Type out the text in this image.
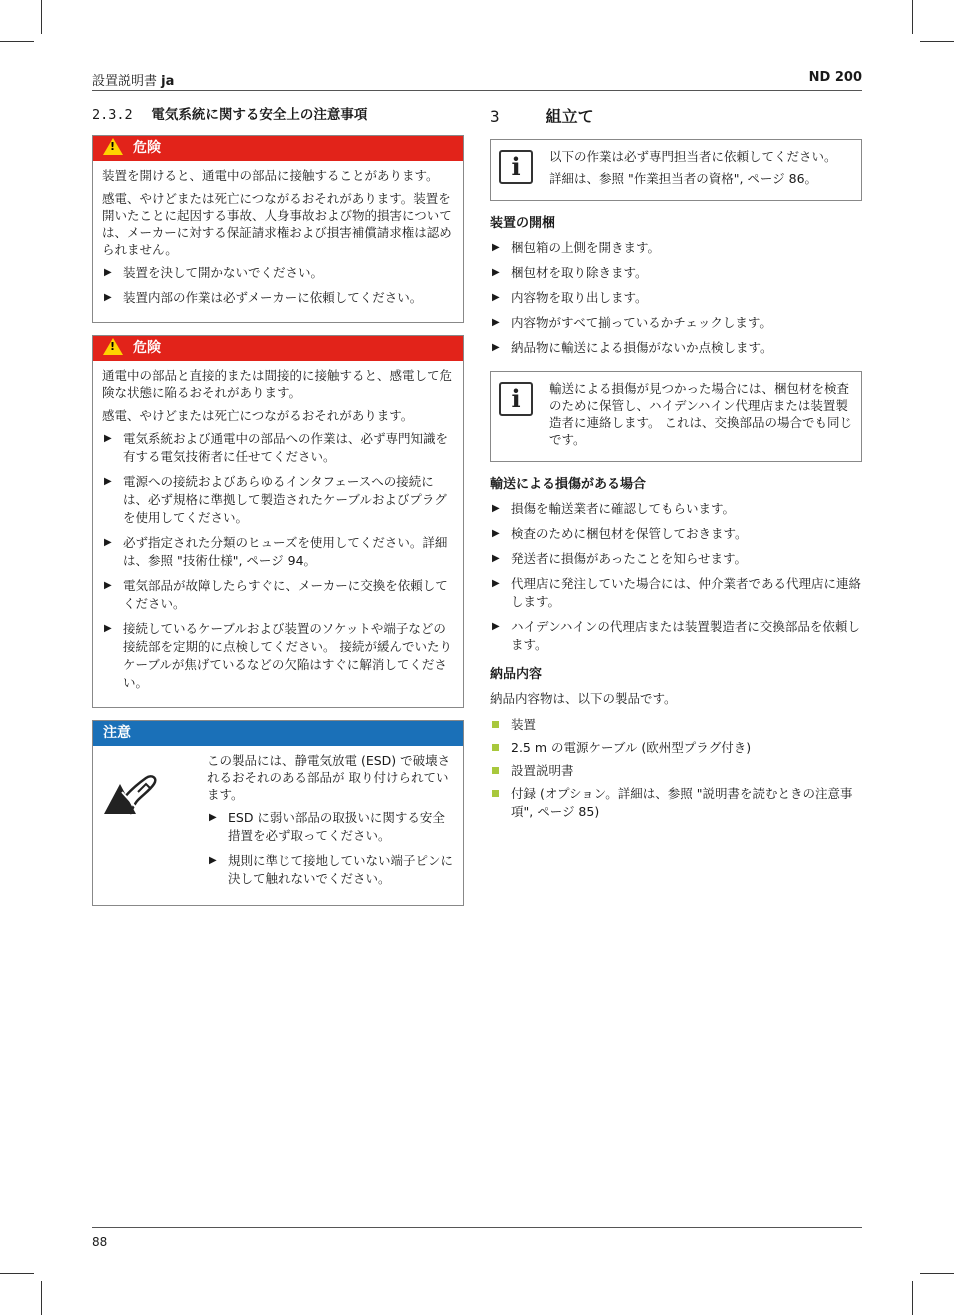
設置説明書 ja	ND 200
2.3.2 電気系統に関する安全上の注意事項
! 危険

装置を開けると、通電中の部品に接触することがあります。

感電、やけどまたは死亡につながるおそれがあります。装置を開いたことに起因する事故、人身事故および物的損害については、メーカーに対する保証請求権および損害補償請求権は認められません。

▶ 装置を決して開かないでください。
▶ 装置内部の作業は必ずメーカーに依頼してください。
! 危険

通電中の部品と直接的または間接的に接触すると、感電して危険な状態に陥るおそれがあります。

感電、やけどまたは死亡につながるおそれがあります。

▶ 電気系統および通電中の部品への作業は、必ず専門知識を有する電気技術者に任せてください。
▶ 電源への接続およびあらゆるインタフェースへの接続には、必ず規格に準拠して製造されたケーブルおよびプラグを使用してください。
▶ 必ず指定された分類のヒューズを使用してください。詳細は、参照 "技術仕様", ページ 94。
▶ 電気部品が故障したらすぐに、メーカーに交換を依頼してください。
▶ 接続しているケーブルおよび装置のソケットや端子などの接続部を定期的に点検してください。 接続が緩んでいたりケーブルが焦げているなどの欠陥はすぐに解消してください。
注意
この製品には、静電気放電 (ESD) で破壊されるおそれのある部品が 取り付けられています。
▶ ESD に弱い部品の取扱いに関する安全措置を必ず取ってください。
▶ 規則に準じて接地していない端子ピンに決して触れないでください。
3	組立て
i	以下の作業は必ず専門担当者に依頼してください。

詳細は、参照 "作業担当者の資格", ページ 86。

装置の開梱
▶ 梱包箱の上側を開きます。
▶ 梱包材を取り除きます。
▶ 内容物を取り出します。
▶ 内容物がすべて揃っているかチェックします。
▶ 納品物に輸送による損傷がないか点検します。
i	輸送による損傷が見つかった場合には、梱包材を検査のために保管し、ハイデンハイン代理店または装置製造者に連絡します。 これは、交換部品の場合でも同じです。

輸送による損傷がある場合
▶ 損傷を輸送業者に確認してもらいます。
▶ 検査のために梱包材を保管しておきます。
▶ 発送者に損傷があったことを知らせます。
▶ 代理店に発注していた場合には、仲介業者である代理店に連絡します。
▶ ハイデンハインの代理店または装置製造者に交換部品を依頼します。
納品内容
納品内容物は、以下の製品です。
装置
2.5 m の電源ケーブル (欧州型プラグ付き)
設置説明書
付録 (オプション。詳細は、参照 "説明書を読むときの注意事項", ページ 85)
88
